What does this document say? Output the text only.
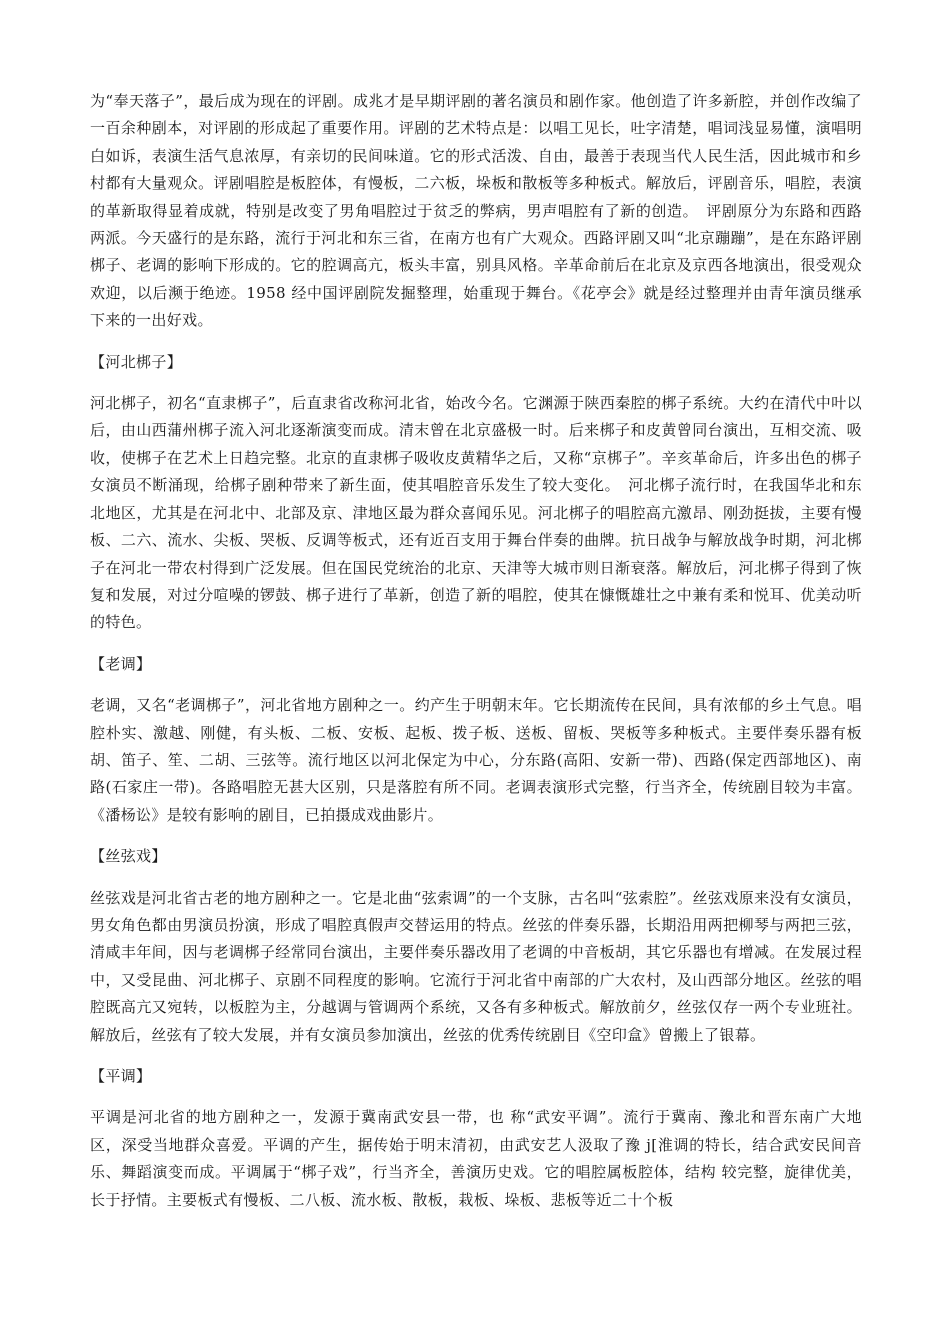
为“奉天落子”，最后成为现在的评剧。成兆才是早期评剧的著名演员和剧作家。他创造了许多新腔，并创作改编了一百余种剧本，对评剧的形成起了重要作用。评剧的艺术特点是：以唱工见长，吐字清楚，唱词浅显易懂，演唱明 白如诉，表演生活气息浓厚，有亲切的民间味道。它的形式活泼、自由，最善于表现当代人民生活，因此城市和乡村都有大量观众。评剧唱腔是板腔体，有慢板，二六板，垛板和散板等多种板式。解放后，评剧音乐，唱腔，表演的革新取得显着成就，特别是改变了男角唱腔过于贫乏的弊病，男声唱腔有了新的创造。　评剧原分为东路和西路两派。今天盛行的是东路，流行于河北和东三省，在南方也有广大观众。西路评剧又叫“北京蹦蹦”，是在东路评剧梆子、老调的影响下形成的。它的腔调高亢，板头丰富，别具风格。辛革命前后在北京及京西各地演出，很受观众欢迎，以后濒于绝迹。1958 经中国评剧院发掘整理，始重现于舞台。《花亭会》就是经过整理并由青年演员继承下来的一出好戏。

【河北梆子】

河北梆子，初名“直隶梆子”，后直隶省改称河北省，始改今名。它渊源于陕西秦腔的梆子系统。大约在清代中叶以后，由山西蒲州梆子流入河北逐渐演变而成。清末曾在北京盛极一时。后来梆子和皮黄曾同台演出，互相交流、吸收，使梆子在艺术上日趋完整。北京的直隶梆子吸收皮黄精华之后，又称“京梆子”。辛亥革命后，许多出色的梆子女演员不断涌现，给梆子剧种带来了新生面，使其唱腔音乐发生了较大变化。　河北梆子流行时，在我国华北和东北地区，尤其是在河北中、北部及京、津地区最为群众喜闻乐见。河北梆子的唱腔高亢激昂、刚劲挺拔，主要有慢板、二六、流水、尖板、哭板、反调等板式，还有近百支用于舞台伴奏的曲牌。抗日战争与解放战争时期，河北梆子在河北一带农村得到广泛发展。但在国民党统治的北京、天津等大城市则日渐衰落。解放后，河北梆子得到了恢复和发展，对过分喧噪的锣鼓、梆子进行了革新，创造了新的唱腔，使其在慷慨雄壮之中兼有柔和悦耳、优美动听的特色。

【老调】

老调，又名“老调梆子”，河北省地方剧种之一。约产生于明朝末年。它长期流传在民间，具有浓郁的乡土气息。唱腔朴实、激越、刚健，有头板、二板、安板、起板、拨子板、送板、留板、哭板等多种板式。主要伴奏乐器有板胡、笛子、笙、二胡、三弦等。流行地区以河北保定为中心，分东路(高阳、安新一带)、西路(保定西部地区)、南路(石家庄一带)。各路唱腔无甚大区别，只是落腔有所不同。老调表演形式完整，行当齐全，传统剧目较为丰富。《潘杨讼》是较有影响的剧目，已拍摄成戏曲影片。

【丝弦戏】

丝弦戏是河北省古老的地方剧种之一。它是北曲“弦索调”的一个支脉，古名叫“弦索腔”。丝弦戏原来没有女演员，男女角色都由男演员扮演，形成了唱腔真假声交替运用的特点。丝弦的伴奏乐器，长期沿用两把柳琴与两把三弦，清咸丰年间，因与老调梆子经常同台演出，主要伴奏乐器改用了老调的中音板胡，其它乐器也有增减。在发展过程中，又受昆曲、河北梆子、京剧不同程度的影响。它流行于河北省中南部的广大农村，及山西部分地区。丝弦的唱腔既高亢又宛转，以板腔为主，分越调与管调两个系统，又各有多种板式。解放前夕，丝弦仅存一两个专业班社。解放后，丝弦有了较大发展，并有女演员参加演出，丝弦的优秀传统剧目《空印盒》曾搬上了银幕。

【平调】

平调是河北省的地方剧种之一，发源于冀南武安县一带，也 称“武安平调”。流行于冀南、豫北和晋东南广大地区，深受当地群众喜爱。平调的产生，据传始于明末清初，由武安艺人汲取了豫 j[淮调的特长，结合武安民间音乐、舞蹈演变而成。平调属于“梆子戏”，行当齐全，善演历史戏。它的唱腔属板腔体，结构 较完整，旋律优美，长于抒情。主要板式有慢板、二八板、流水板、散板，栽板、垛板、悲板等近二十个板
